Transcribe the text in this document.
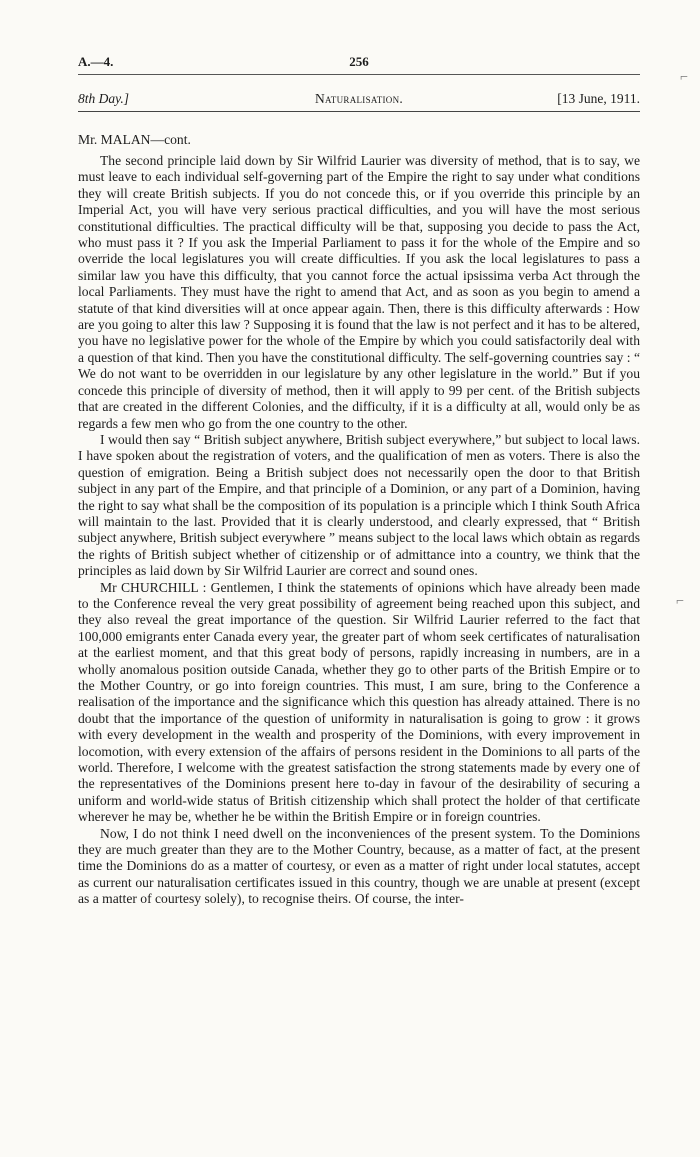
A.—4.	256
8th Day.]	Naturalisation.	[13 June, 1911.
Mr. MALAN—cont.

The second principle laid down by Sir Wilfrid Laurier was diversity of method, that is to say, we must leave to each individual self-governing part of the Empire the right to say under what conditions they will create British subjects. If you do not concede this, or if you override this principle by an Imperial Act, you will have very serious practical difficulties, and you will have the most serious constitutional difficulties. The practical difficulty will be that, supposing you decide to pass the Act, who must pass it ? If you ask the Imperial Parliament to pass it for the whole of the Empire and so override the local legislatures you will create difficulties. If you ask the local legislatures to pass a similar law you have this difficulty, that you cannot force the actual ipsissima verba Act through the local Parliaments. They must have the right to amend that Act, and as soon as you begin to amend a statute of that kind diversities will at once appear again. Then, there is this difficulty afterwards : How are you going to alter this law ? Supposing it is found that the law is not perfect and it has to be altered, you have no legislative power for the whole of the Empire by which you could satisfactorily deal with a question of that kind. Then you have the constitutional difficulty. The self-governing countries say : “ We do not want to be overridden in our legislature by any other legislature in the world.” But if you concede this principle of diversity of method, then it will apply to 99 per cent. of the British subjects that are created in the different Colonies, and the difficulty, if it is a difficulty at all, would only be as regards a few men who go from the one country to the other.

I would then say “ British subject anywhere, British subject everywhere,” but subject to local laws. I have spoken about the registration of voters, and the qualification of men as voters. There is also the question of emigration. Being a British subject does not necessarily open the door to that British subject in any part of the Empire, and that principle of a Dominion, or any part of a Dominion, having the right to say what shall be the composition of its population is a principle which I think South Africa will maintain to the last. Provided that it is clearly understood, and clearly expressed, that “ British subject anywhere, British subject everywhere ” means subject to the local laws which obtain as regards the rights of British subject whether of citizenship or of admittance into a country, we think that the principles as laid down by Sir Wilfrid Laurier are correct and sound ones.

Mr CHURCHILL : Gentlemen, I think the statements of opinions which have already been made to the Conference reveal the very great possibility of agreement being reached upon this subject, and they also reveal the great importance of the question. Sir Wilfrid Laurier referred to the fact that 100,000 emigrants enter Canada every year, the greater part of whom seek certificates of naturalisation at the earliest moment, and that this great body of persons, rapidly increasing in numbers, are in a wholly anomalous position outside Canada, whether they go to other parts of the British Empire or to the Mother Country, or go into foreign countries. This must, I am sure, bring to the Conference a realisation of the importance and the significance which this question has already attained. There is no doubt that the importance of the question of uniformity in naturalisation is going to grow : it grows with every development in the wealth and prosperity of the Dominions, with every improvement in locomotion, with every extension of the affairs of persons resident in the Dominions to all parts of the world. Therefore, I welcome with the greatest satisfaction the strong statements made by every one of the representatives of the Dominions present here to-day in favour of the desirability of securing a uniform and world-wide status of British citizenship which shall protect the holder of that certificate wherever he may be, whether he be within the British Empire or in foreign countries.

Now, I do not think I need dwell on the inconveniences of the present system. To the Dominions they are much greater than they are to the Mother Country, because, as a matter of fact, at the present time the Dominions do as a matter of courtesy, or even as a matter of right under local statutes, accept as current our naturalisation certificates issued in this country, though we are unable at present (except as a matter of courtesy solely), to recognise theirs. Of course, the inter-

⌐
⌐
